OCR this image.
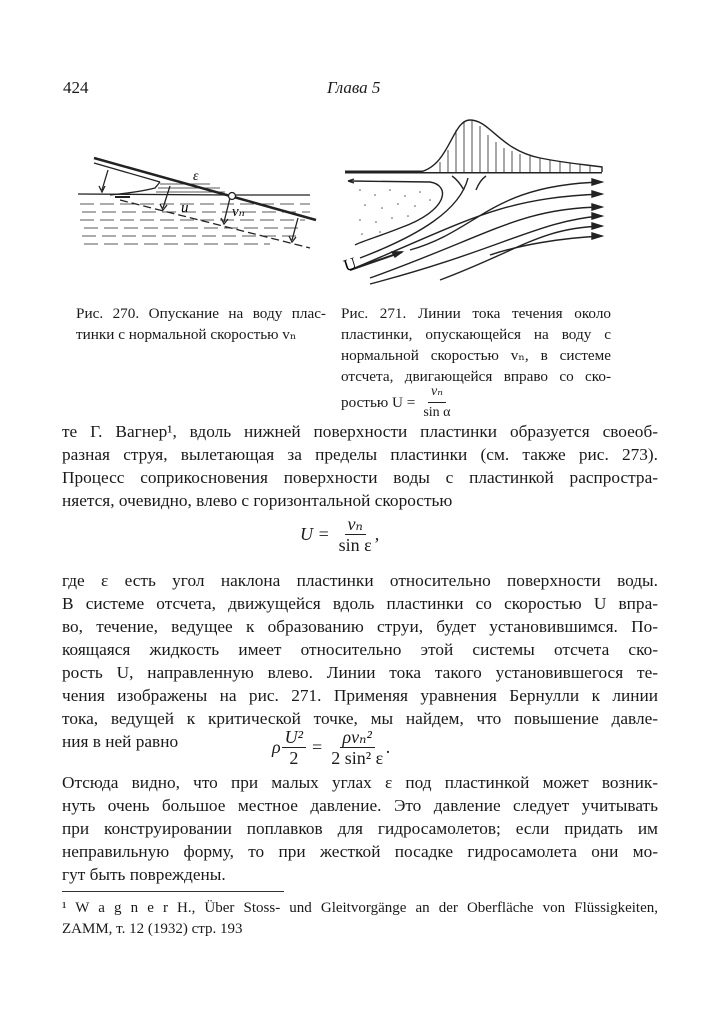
424	Глава 5
ε
u	vₙ
U
Рис. 270. Опускание на воду плас-
тинки с нормальной скоростью vₙ
Рис. 271. Линии тока течения около
пластинки, опускающейся на воду с
нормальной скоростью vₙ, в системе
отсчета, двигающейся вправо со ско-
ростью $U = \frac{\text{vₙ}}{\text{sin α}}$
те Г. Вагнер¹, вдоль нижней поверхности пластинки образуется своеоб-
разная струя, вылетающая за пределы пластинки (см. также рис. 273).
Процесс соприкосновения поверхности воды с пластинкой распростра-
няется, очевидно, влево с горизонтальной скоростью
$U = \frac{\text{vₙ}}{\text{sin ε}}$ ,
где ε есть угол наклона пластинки относительно поверхности воды.
В системе отсчета, движущейся вдоль пластинки со скоростью U впра-
во, течение, ведущее к образованию струи, будет установившимся. По-
коящаяся жидкость имеет относительно этой системы отсчета ско-
рость U, направленную влево. Линии тока такого установившегося те-
чения изображены на рис. 271. Применяя уравнения Бернулли к линии
тока, ведущей к критической точке, мы найдем, что повышение давле-
ния в ней равно	ρ $\frac{\text{U²}}{2} = \frac{\text{ρvₙ²}}{\text{2 sin² ε}}$ .
Отсюда видно, что при малых углах ε под пластинкой может возник-
нуть очень большое местное давление. Это давление следует учитывать
при конструировании поплавков для гидросамолетов; если придать им
неправильную форму, то при жесткой посадке гидросамолета они мо-
гут быть повреждены.
¹ W a g n e r H., Über Stoss- und Gleitvorgänge an der Oberfläche von Flüssigkeiten,
ZAMM, т. 12 (1932) стр. 193
